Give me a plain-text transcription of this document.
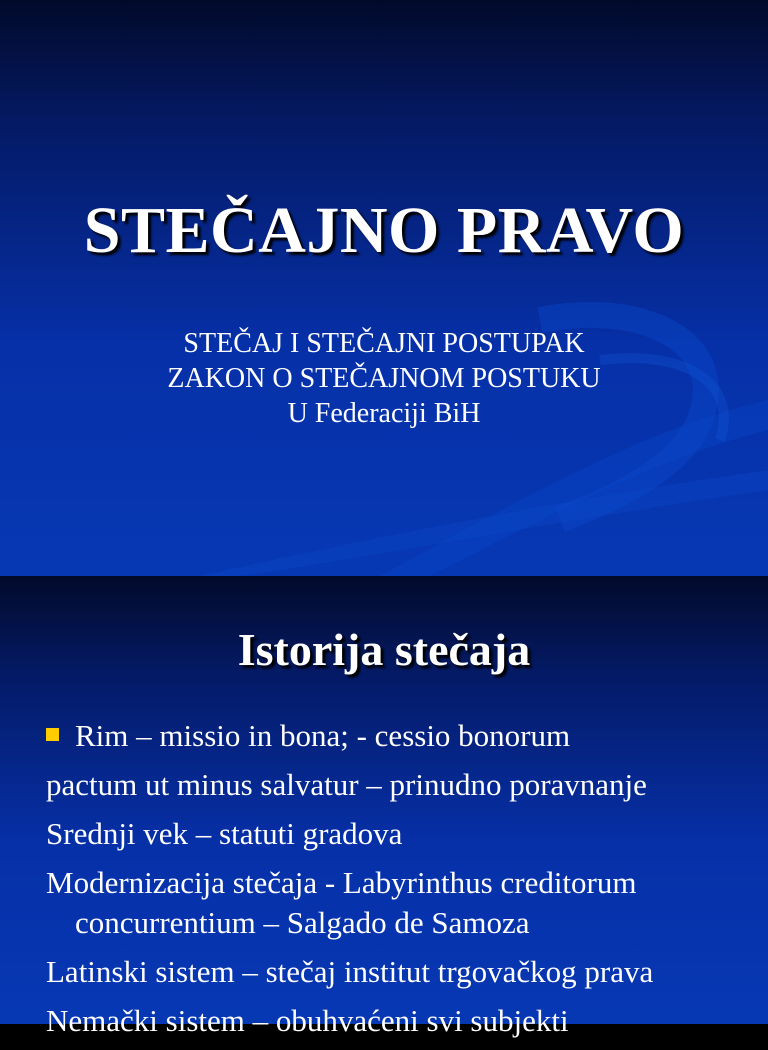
STEČAJNO PRAVO
STEČAJ I STEČAJNI POSTUPAK
ZAKON O STEČAJNOM POSTUKU
U Federaciji BiH
Istorija stečaja
Rim – missio in bona; - cessio bonorum
pactum ut minus salvatur – prinudno poravnanje
Srednji vek – statuti gradova
Modernizacija stečaja - Labyrinthus creditorum
concurrentium – Salgado de Samoza
Latinski sistem – stečaj institut trgovačkog prava
Nemački sistem – obuhvaćeni svi subjekti
